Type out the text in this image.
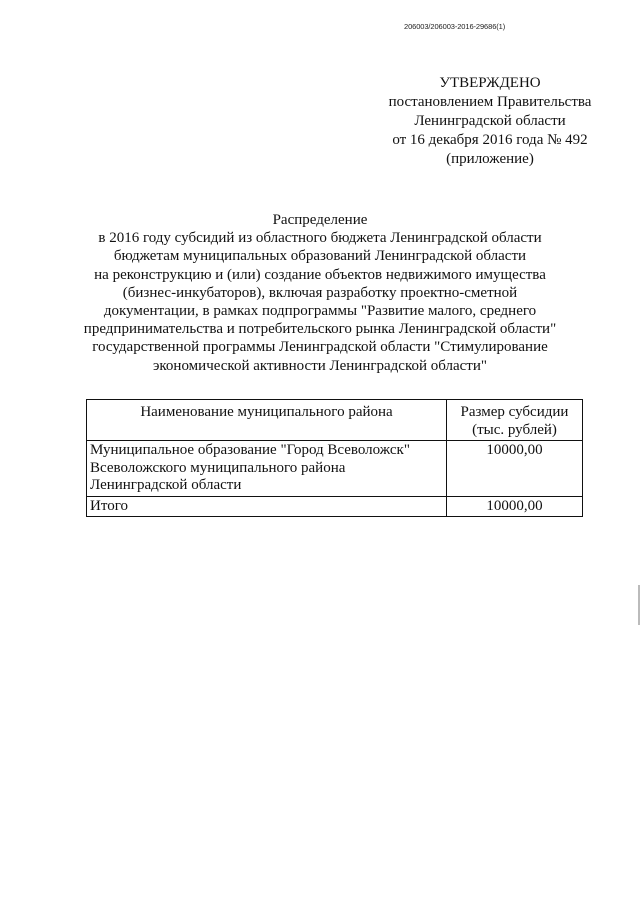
206003/206003-2016-29686(1)
УТВЕРЖДЕНО
постановлением Правительства
Ленинградской области
от 16 декабря 2016 года № 492
(приложение)
Распределение
в 2016 году субсидий из областного бюджета Ленинградской области
бюджетам муниципальных образований Ленинградской области
на реконструкцию и (или) создание объектов недвижимого имущества
(бизнес-инкубаторов), включая разработку проектно-сметной
документации, в рамках подпрограммы "Развитие малого, среднего
предпринимательства и потребительского рынка Ленинградской области"
государственной программы Ленинградской области "Стимулирование
экономической активности Ленинградской области"
Наименование муниципального района	Размер субсидии
(тыс. рублей)
Муниципальное образование "Город Всеволожск"
Всеволожского муниципального района
Ленинградской области	10000,00
Итого	10000,00
